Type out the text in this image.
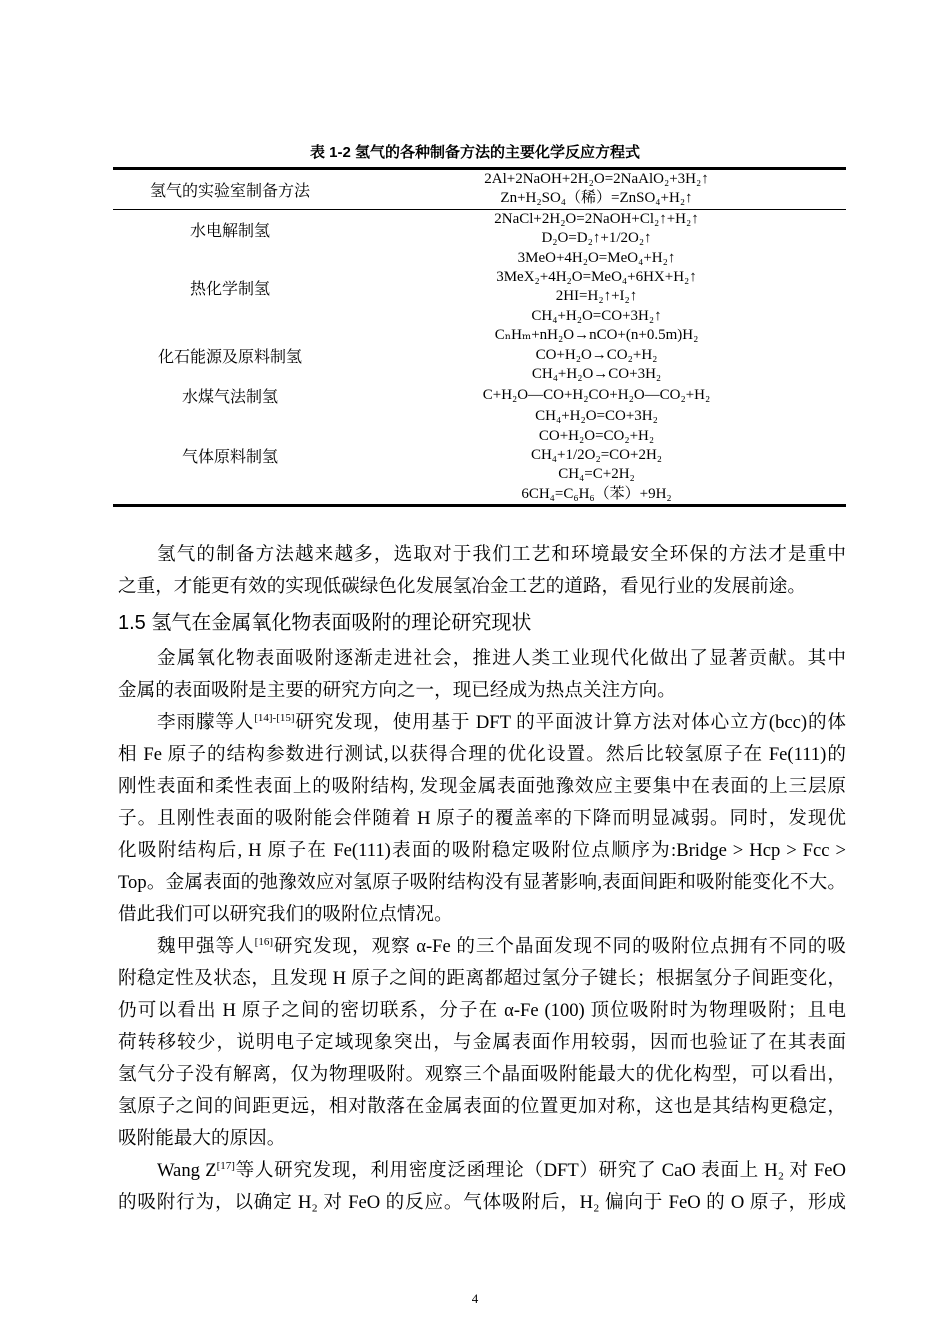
表 1-2 氢气的各种制备方法的主要化学反应方程式
氢气的实验室制备方法
2Al+2NaOH+2H₂O=2NaAlO₂+3H₂↑
Zn+H₂SO₄（稀）=ZnSO₄+H₂↑
水电解制氢
2NaCl+2H₂O=2NaOH+Cl₂↑+H₂↑
D₂O=D₂↑+1/2O₂↑
热化学制氢
3MeO+4H₂O=MeO₄+H₂↑
3MeX₂+4H₂O=MeO₄+6HX+H₂↑
2HI=H₂↑+I₂↑
CH₄+H₂O=CO+3H₂↑
化石能源及原料制氢
CₙHₘ+nH₂O→nCO+(n+0.5m)H₂
CO+H₂O→CO₂+H₂
CH₄+H₂O→CO+3H₂
水煤气法制氢	C+H₂O—CO+H₂CO+H₂O—CO₂+H₂
气体原料制氢
CH₄+H₂O=CO+3H₂
CO+H₂O=CO₂+H₂
CH₄+1/2O₂=CO+2H₂
CH₄=C+2H₂
6CH₄=C₆H₆（苯）+9H₂
氢气的制备方法越来越多，选取对于我们工艺和环境最安全环保的方法才是重中
之重，才能更有效的实现低碳绿色化发展氢冶金工艺的道路，看见行业的发展前途。
1.5 氢气在金属氧化物表面吸附的理论研究现状
金属氧化物表面吸附逐渐走进社会，推进人类工业现代化做出了显著贡献。其中
金属的表面吸附是主要的研究方向之一，现已经成为热点关注方向。
李雨朦等人[14]-[15]研究发现，使用基于 DFT 的平面波计算方法对体心立方(bcc)的体
相 Fe 原子的结构参数进行测试,以获得合理的优化设置。然后比较氢原子在 Fe(111)的
刚性表面和柔性表面上的吸附结构, 发现金属表面弛豫效应主要集中在表面的上三层原
子。且刚性表面的吸附能会伴随着 H 原子的覆盖率的下降而明显减弱。同时，发现优
化吸附结构后, H 原子在 Fe(111)表面的吸附稳定吸附位点顺序为:Bridge > Hcp > Fcc >
Top。金属表面的弛豫效应对氢原子吸附结构没有显著影响,表面间距和吸附能变化不大。
借此我们可以研究我们的吸附位点情况。
魏甲强等人[16]研究发现，观察 α-Fe 的三个晶面发现不同的吸附位点拥有不同的吸
附稳定性及状态，且发现 H 原子之间的距离都超过氢分子键长；根据氢分子间距变化，
仍可以看出 H 原子之间的密切联系，分子在 α-Fe (100) 顶位吸附时为物理吸附；且电
荷转移较少，说明电子定域现象突出，与金属表面作用较弱，因而也验证了在其表面
氢气分子没有解离，仅为物理吸附。观察三个晶面吸附能最大的优化构型，可以看出，
氢原子之间的间距更远，相对散落在金属表面的位置更加对称，这也是其结构更稳定，
吸附能最大的原因。
Wang Z[17]等人研究发现，利用密度泛函理论（DFT）研究了 CaO 表面上 H₂ 对 FeO
的吸附行为，以确定 H₂ 对 FeO 的反应。气体吸附后，H₂ 偏向于 FeO 的 O 原子，形成
4
